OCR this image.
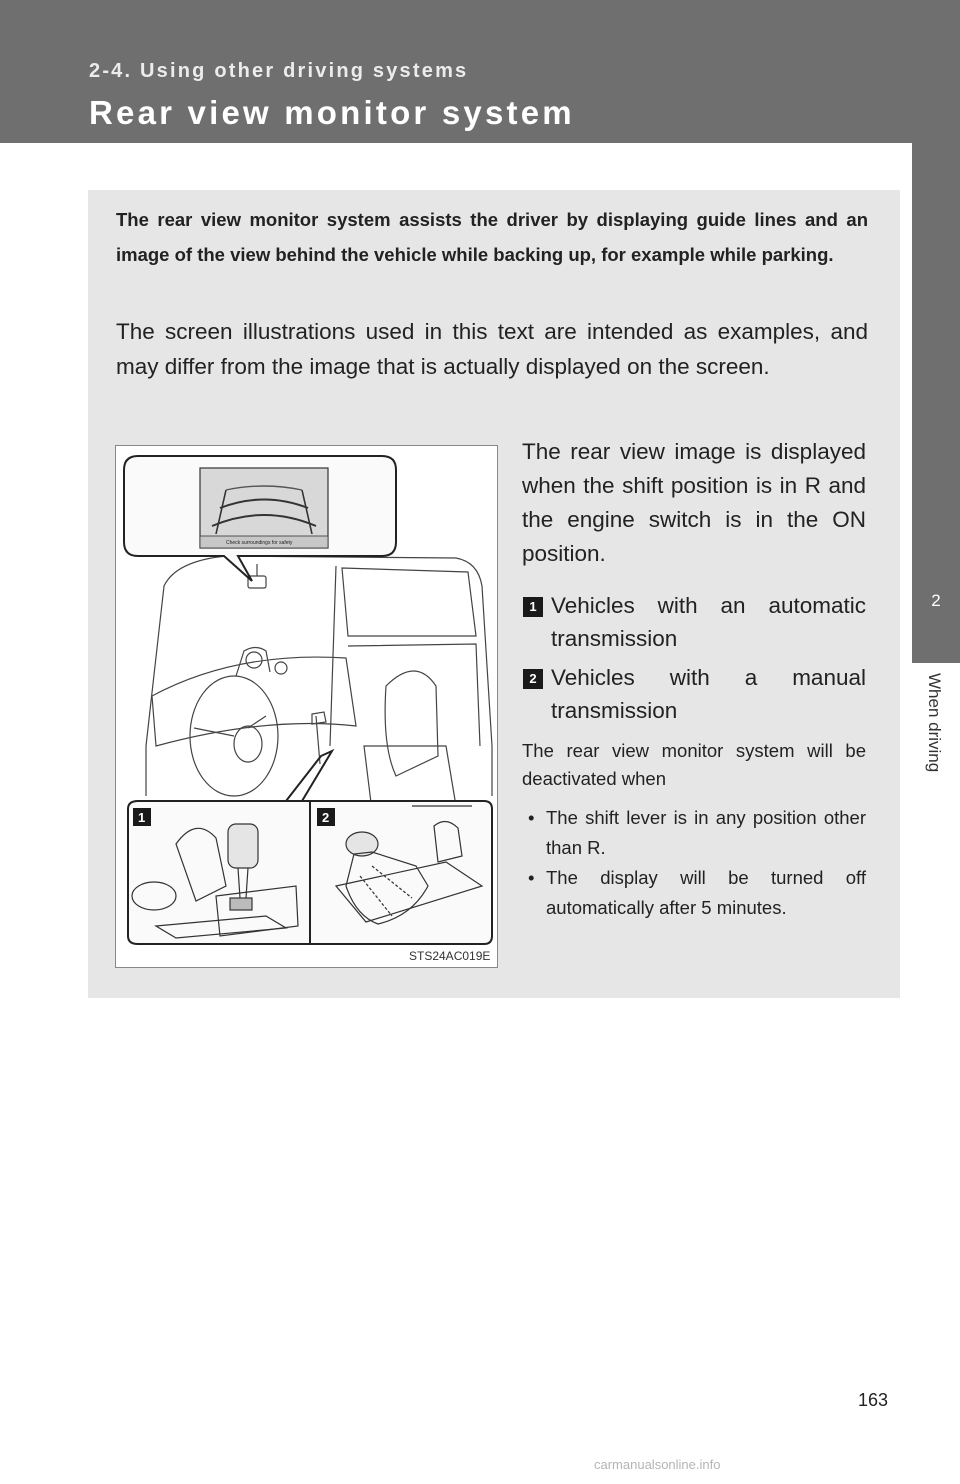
2-4. Using other driving systems
Rear view monitor system
2
When driving

The rear view monitor system assists the driver by displaying guide lines and an image of the view behind the vehicle while backing up, for example while parking.

The screen illustrations used in this text are intended as examples, and may differ from the image that is actually displayed on the screen.

Check surroundings for safety
1	2
STS24AC019E

The rear view image is displayed when the shift position is in R and the engine switch is in the ON position.

1 Vehicles with an automatic transmission
2 Vehicles with a manual transmission

The rear view monitor system will be deactivated when

• The shift lever is in any position other than R.
• The display will be turned off automatically after 5 minutes.
163
carmanualsonline.info
